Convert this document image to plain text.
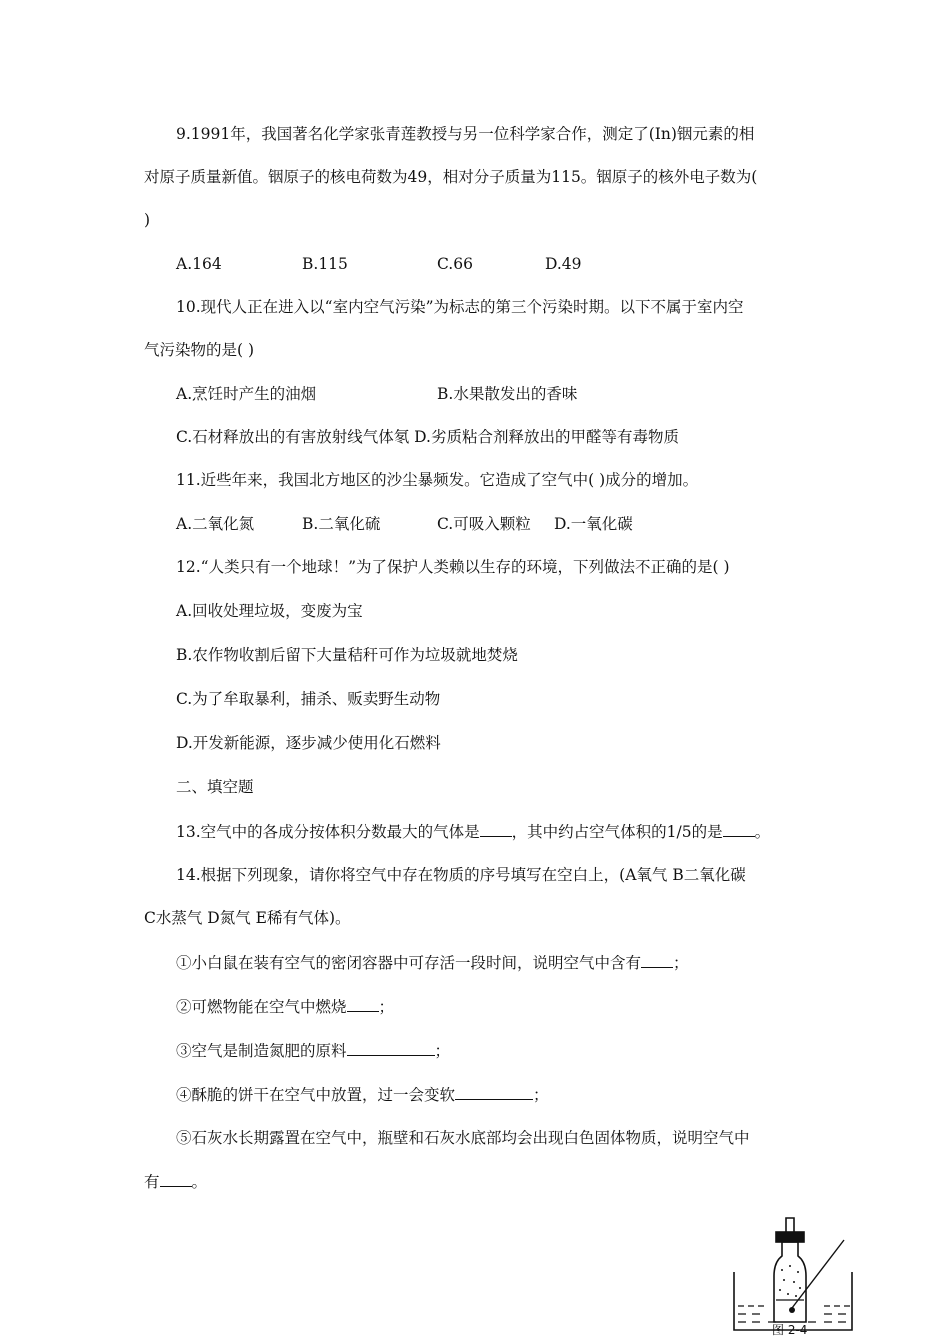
9.1991年，我国著名化学家张青莲教授与另一位科学家合作，测定了(In)铟元素的相
对原子质量新值。铟原子的核电荷数为49，相对分子质量为115。铟原子的核外电子数为(
)
A.164	B.115	C.66	D.49
10.现代人正在进入以“室内空气污染”为标志的第三个污染时期。以下不属于室内空
气污染物的是( )
A.烹饪时产生的油烟	B.水果散发出的香味
C.石材释放出的有害放射线气体氡 D.劣质粘合剂释放出的甲醛等有毒物质
11.近些年来，我国北方地区的沙尘暴频发。它造成了空气中( )成分的增加。
A.二氧化氮	B.二氧化硫	C.可吸入颗粒 D.一氧化碳
12.“人类只有一个地球！”为了保护人类赖以生存的环境，下列做法不正确的是( )
A.回收处理垃圾，变废为宝
B.农作物收割后留下大量秸秆可作为垃圾就地焚烧
C.为了牟取暴利，捕杀、贩卖野生动物
D.开发新能源，逐步减少使用化石燃料
二、填空题
13.空气中的各成分按体积分数最大的气体是 ，其中约占空气体积的1/5的是 。
14.根据下列现象，请你将空气中存在物质的序号填写在空白上，(A氧气 B二氧化碳
C水蒸气 D氮气 E稀有气体)。
①小白鼠在装有空气的密闭容器中可存活一段时间，说明空气中含有 ；
②可燃物能在空气中燃烧 ；
③空气是制造氮肥的原料	；
④酥脆的饼干在空气中放置，过一会变软	；
⑤石灰水长期露置在空气中，瓶壁和石灰水底部均会出现白色固体物质，说明空气中
有 。
图 2-4
